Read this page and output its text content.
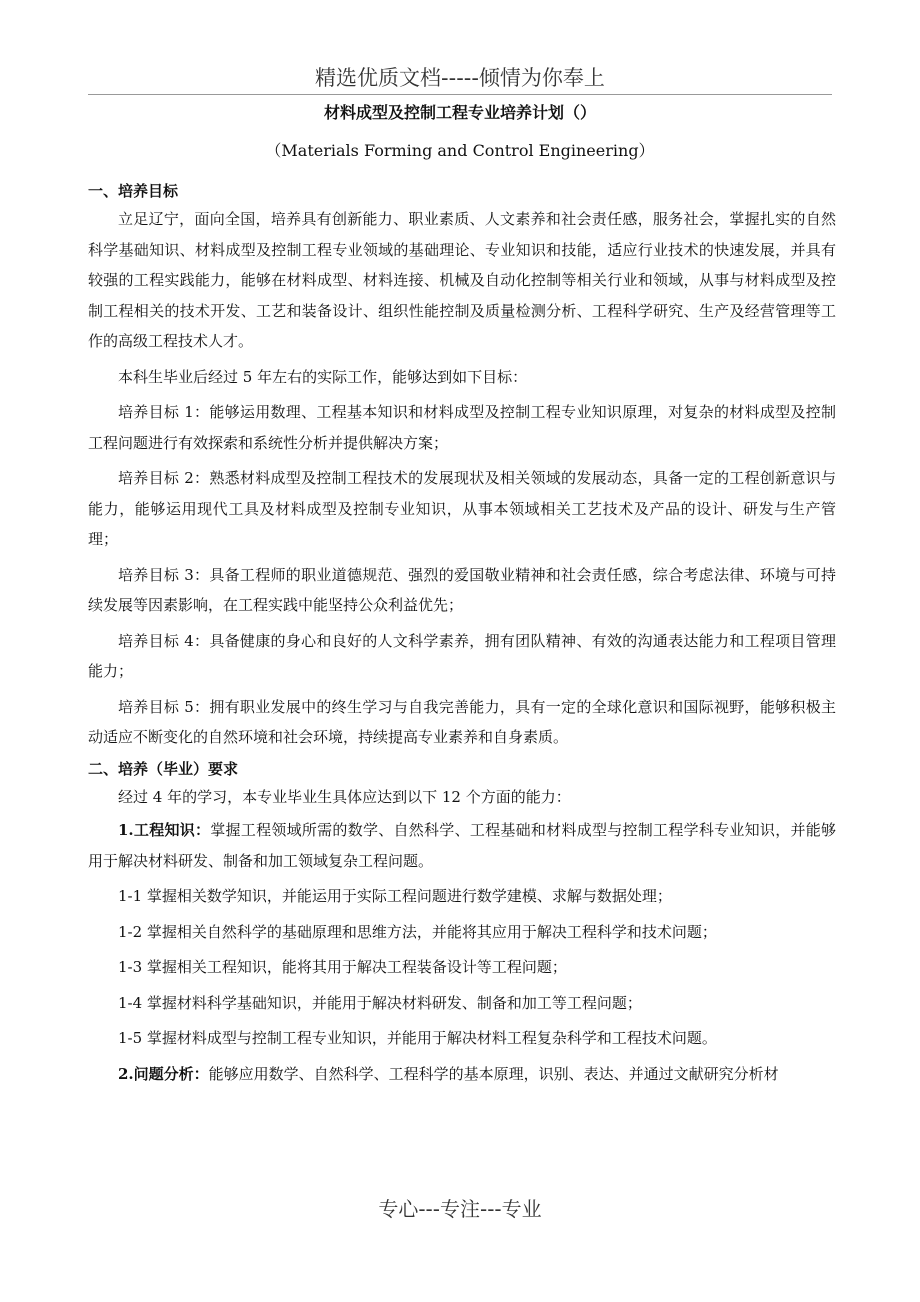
精选优质文档-----倾情为你奉上
材料成型及控制工程专业培养计划（）
（Materials Forming and Control Engineering）
一、培养目标

立足辽宁，面向全国，培养具有创新能力、职业素质、人文素养和社会责任感，服务社会，掌握扎实的自然科学基础知识、材料成型及控制工程专业领域的基础理论、专业知识和技能，适应行业技术的快速发展，并具有较强的工程实践能力，能够在材料成型、材料连接、机械及自动化控制等相关行业和领域，从事与材料成型及控制工程相关的技术开发、工艺和装备设计、组织性能控制及质量检测分析、工程科学研究、生产及经营管理等工作的高级工程技术人才。

本科生毕业后经过 5 年左右的实际工作，能够达到如下目标：

培养目标 1：能够运用数理、工程基本知识和材料成型及控制工程专业知识原理，对复杂的材料成型及控制工程问题进行有效探索和系统性分析并提供解决方案；

培养目标 2：熟悉材料成型及控制工程技术的发展现状及相关领域的发展动态，具备一定的工程创新意识与能力，能够运用现代工具及材料成型及控制专业知识，从事本领域相关工艺技术及产品的设计、研发与生产管理；

培养目标 3：具备工程师的职业道德规范、强烈的爱国敬业精神和社会责任感，综合考虑法律、环境与可持续发展等因素影响，在工程实践中能坚持公众利益优先；

培养目标 4：具备健康的身心和良好的人文科学素养，拥有团队精神、有效的沟通表达能力和工程项目管理能力；

培养目标 5：拥有职业发展中的终生学习与自我完善能力，具有一定的全球化意识和国际视野，能够积极主动适应不断变化的自然环境和社会环境，持续提高专业素养和自身素质。

二、培养（毕业）要求

经过 4 年的学习，本专业毕业生具体应达到以下 12 个方面的能力：

1.工程知识：掌握工程领域所需的数学、自然科学、工程基础和材料成型与控制工程学科专业知识，并能够用于解决材料研发、制备和加工领域复杂工程问题。

1-1 掌握相关数学知识，并能运用于实际工程问题进行数学建模、求解与数据处理；

1-2 掌握相关自然科学的基础原理和思维方法，并能将其应用于解决工程科学和技术问题；

1-3 掌握相关工程知识，能将其用于解决工程装备设计等工程问题；

1-4 掌握材料科学基础知识，并能用于解决材料研发、制备和加工等工程问题；

1-5 掌握材料成型与控制工程专业知识，并能用于解决材料工程复杂科学和工程技术问题。

2.问题分析：能够应用数学、自然科学、工程科学的基本原理，识别、表达、并通过文献研究分析材

专心---专注---专业
